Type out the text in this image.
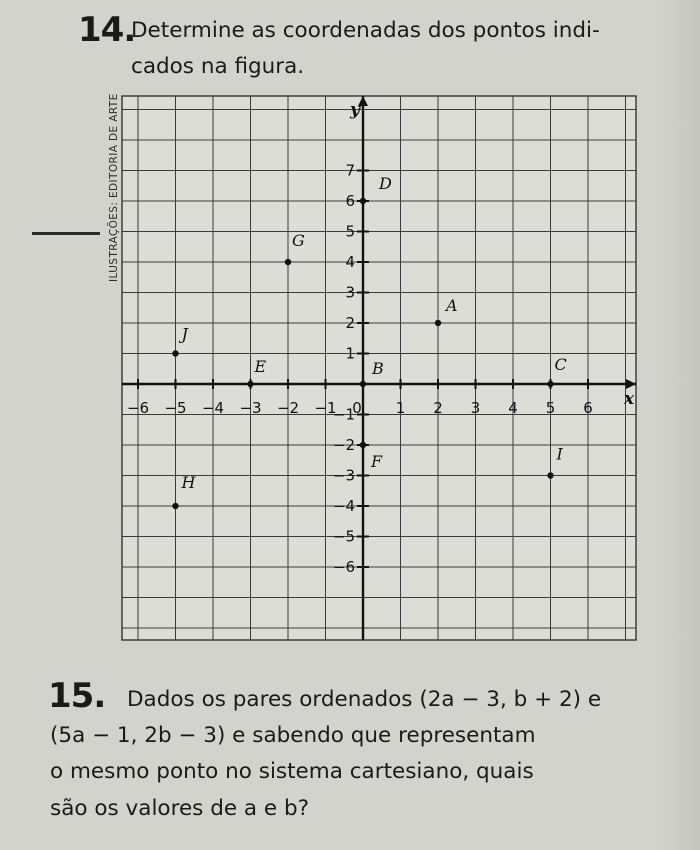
14.
Determine as coordenadas dos pontos indi-
cados na figura.
ILUSTRAÇÕES: EDITORIA DE ARTE
x
y
−6 −5 −4 −3 −2 −1 0 1 2 3 4 5 6
7
6
5
4
3
2
1
−1
−2
−3
−4
−5
−6
A
B	C
D
E
F
G
H
I
J
15. Dados os pares ordenados (2a − 3, b + 2) e
(5a − 1, 2b − 3) e sabendo que representam
o mesmo ponto no sistema cartesiano, quais
são os valores de a e b?
